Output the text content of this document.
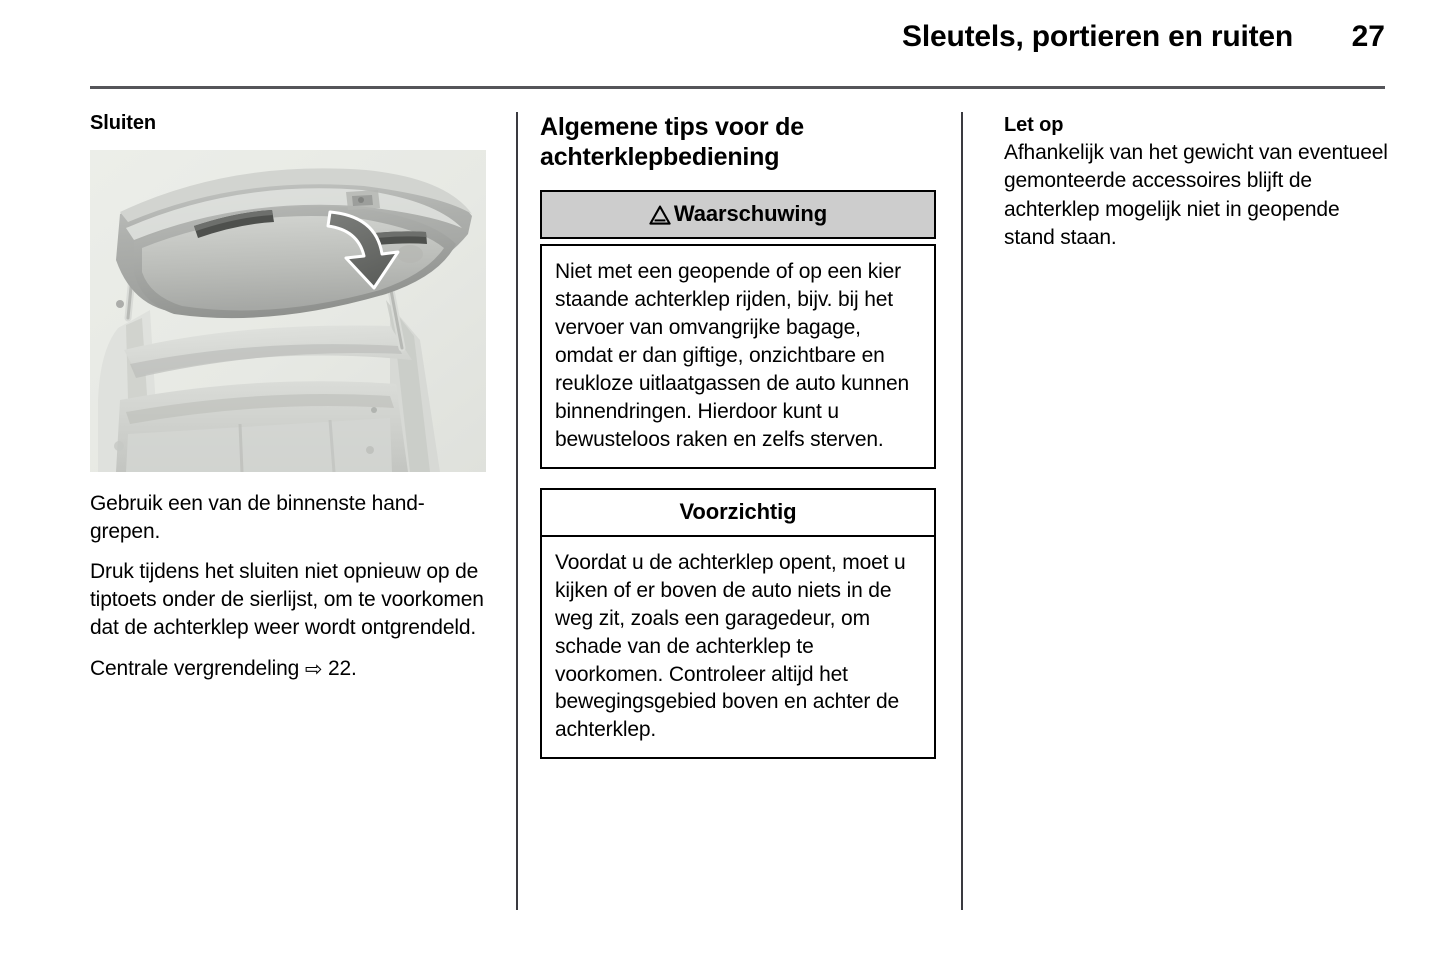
Sleutels, portieren en ruiten	27
Sluiten

Gebruik een van de binnenste hand-grepen.

Druk tijdens het sluiten niet opnieuw op de tiptoets onder de sierlijst, om te voorkomen dat de achterklep weer wordt ontgrendeld.

Centrale vergrendeling ⇨ 22.

Algemene tips voor de achterklepbediening
Waarschuwing

Niet met een geopende of op een kier staande achterklep rijden, bijv. bij het vervoer van omvangrijke bagage, omdat er dan giftige, onzichtbare en reukloze uitlaatgassen de auto kunnen binnendringen. Hierdoor kunt u bewusteloos raken en zelfs sterven.

Voorzichtig

Voordat u de achterklep opent, moet u kijken of er boven de auto niets in de weg zit, zoals een garagedeur, om schade van de achterklep te voorkomen. Controleer altijd het bewegingsgebied boven en achter de achterklep.

Let op

Afhankelijk van het gewicht van eventueel gemonteerde accessoires blijft de achterklep mogelijk niet in geopende stand staan.
